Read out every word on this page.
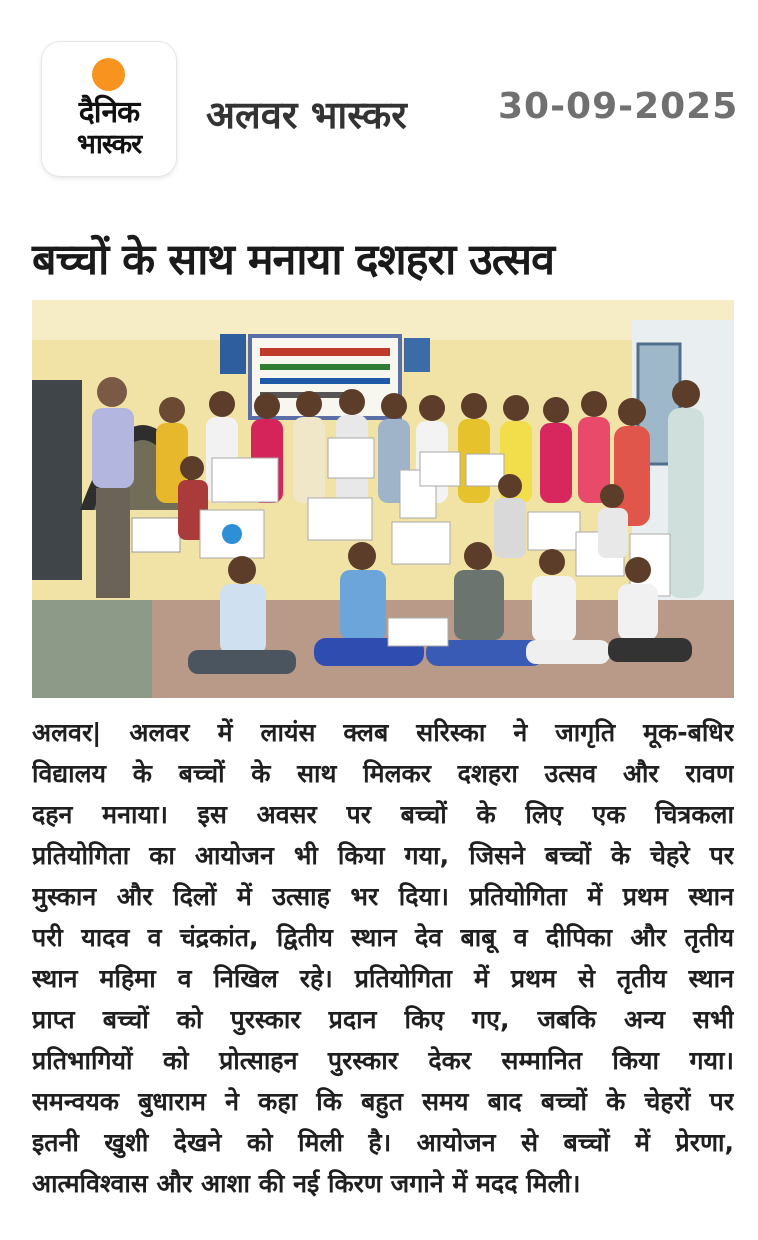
दैनिक
भास्कर
अलवर भास्कर	30-09-2025
बच्चों के साथ मनाया दशहरा उत्सव
अलवर| अलवर में लायंस क्लब सरिस्का ने जागृति मूक-बधिर
विद्यालय के बच्चों के साथ मिलकर दशहरा उत्सव और रावण
दहन मनाया। इस अवसर पर बच्चों के लिए एक चित्रकला
प्रतियोगिता का आयोजन भी किया गया, जिसने बच्चों के चेहरे पर
मुस्कान और दिलों में उत्साह भर दिया। प्रतियोगिता में प्रथम स्थान
परी यादव व चंद्रकांत, द्वितीय स्थान देव बाबू व दीपिका और तृतीय
स्थान महिमा व निखिल रहे। प्रतियोगिता में प्रथम से तृतीय स्थान
प्राप्त बच्चों को पुरस्कार प्रदान किए गए, जबकि अन्य सभी
प्रतिभागियों को प्रोत्साहन पुरस्कार देकर सम्मानित किया गया।
समन्वयक बुधाराम ने कहा कि बहुत समय बाद बच्चों के चेहरों पर
इतनी खुशी देखने को मिली है। आयोजन से बच्चों में प्रेरणा,
आत्मविश्वास और आशा की नई किरण जगाने में मदद मिली।
